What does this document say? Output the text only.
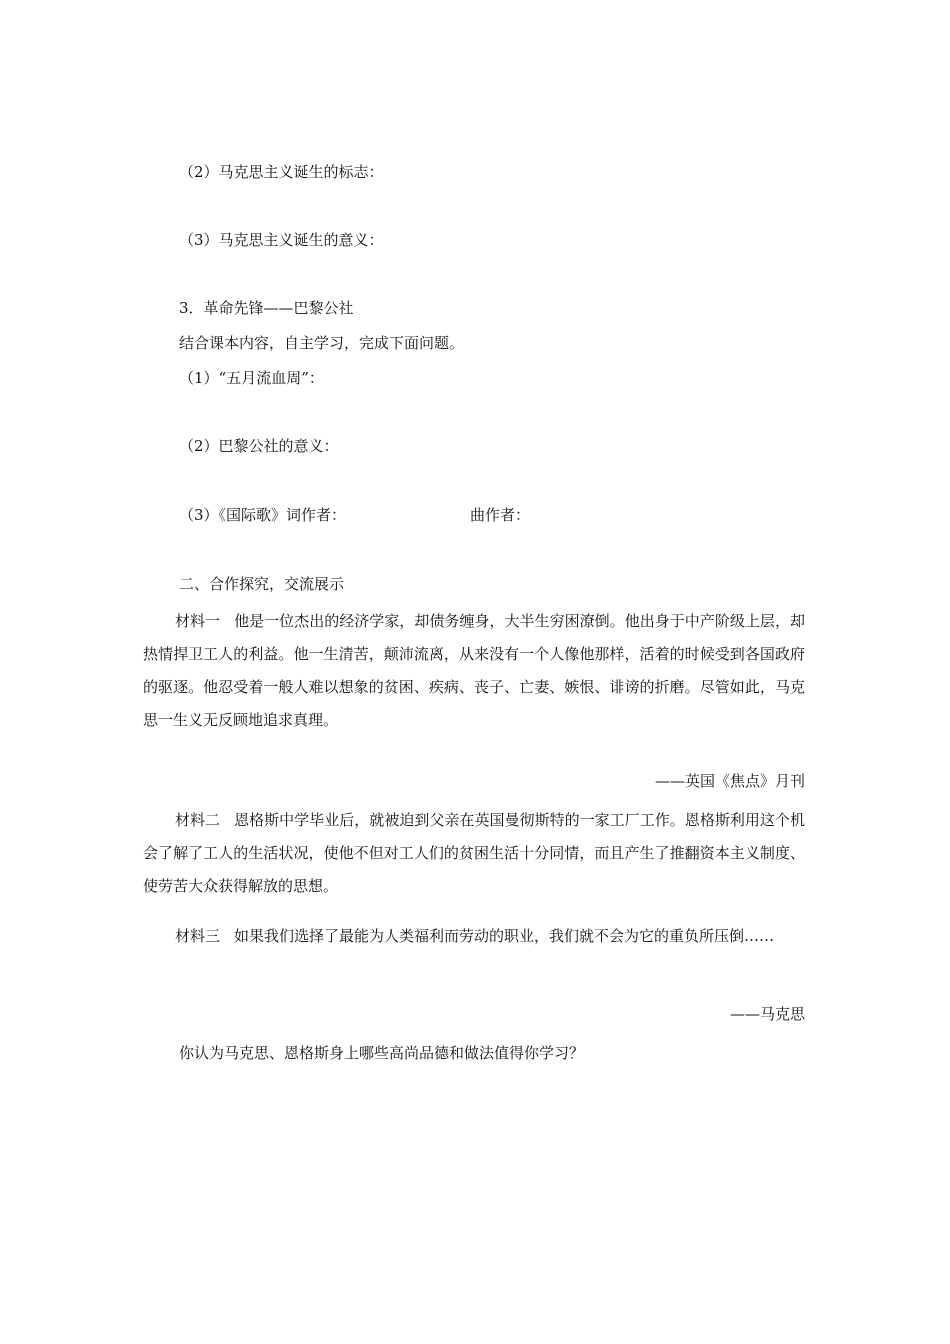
（2）马克思主义诞生的标志：
（3）马克思主义诞生的意义：
3．革命先锋——巴黎公社
结合课本内容，自主学习，完成下面问题。
（1）“五月流血周”：
（2）巴黎公社的意义：
（3）《国际歌》词作者：	曲作者：
二、合作探究，交流展示
材料一 他是一位杰出的经济学家，却债务缠身，大半生穷困潦倒。他出身于中产阶级上层，却热情捍卫工人的利益。他一生清苦，颠沛流离，从来没有一个人像他那样，活着的时候受到各国政府的驱逐。他忍受着一般人难以想象的贫困、疾病、丧子、亡妻、嫉恨、诽谤的折磨。尽管如此，马克思一生义无反顾地追求真理。
——英国《焦点》月刊
材料二 恩格斯中学毕业后，就被迫到父亲在英国曼彻斯特的一家工厂工作。恩格斯利用这个机会了解了工人的生活状况，使他不但对工人们的贫困生活十分同情，而且产生了推翻资本主义制度、使劳苦大众获得解放的思想。
材料三 如果我们选择了最能为人类福利而劳动的职业，我们就不会为它的重负所压倒……
——马克思
你认为马克思、恩格斯身上哪些高尚品德和做法值得你学习？
